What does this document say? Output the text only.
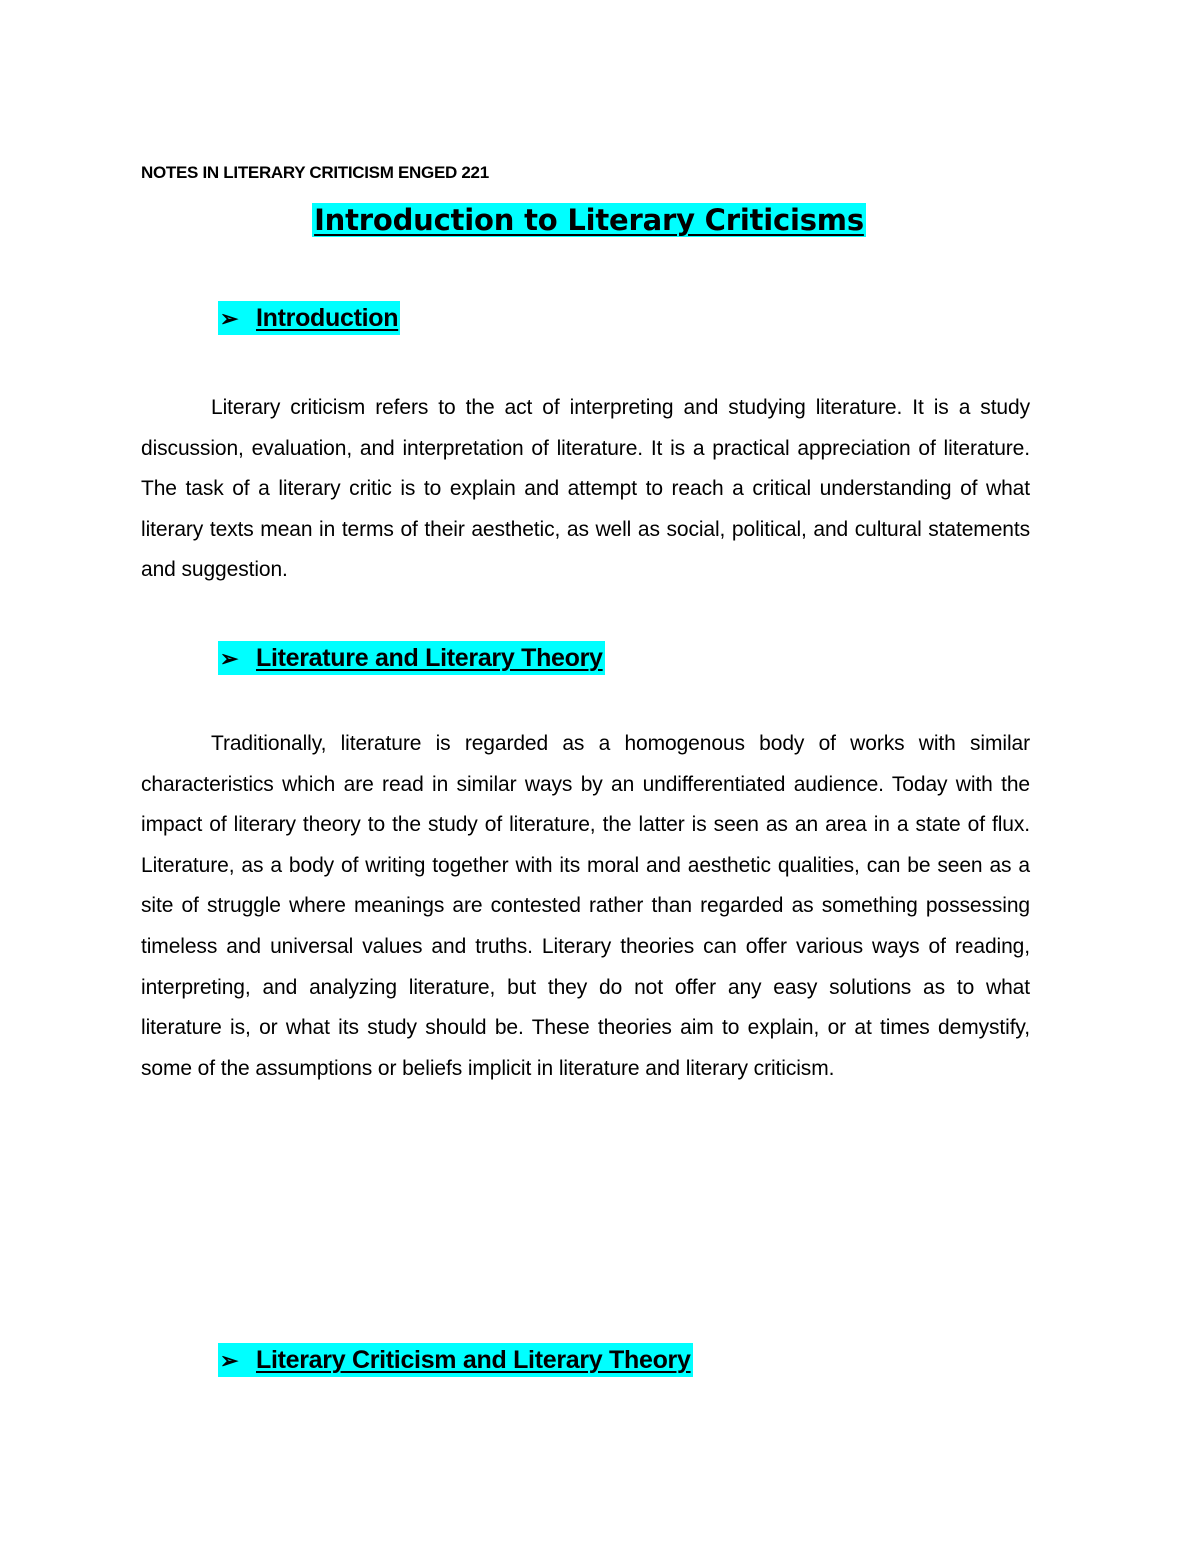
NOTES IN LITERARY CRITICISM ENGED 221
Introduction to Literary Criticisms
➢ Introduction

Literary criticism refers to the act of interpreting and studying literature. It is a study discussion, evaluation, and interpretation of literature. It is a practical appreciation of literature. The task of a literary critic is to explain and attempt to reach a critical understanding of what literary texts mean in terms of their aesthetic, as well as social, political, and cultural statements and suggestion.

➢ Literature and Literary Theory

Traditionally, literature is regarded as a homogenous body of works with similar characteristics which are read in similar ways by an undifferentiated audience. Today with the impact of literary theory to the study of literature, the latter is seen as an area in a state of flux. Literature, as a body of writing together with its moral and aesthetic qualities, can be seen as a site of struggle where meanings are contested rather than regarded as something possessing timeless and universal values and truths. Literary theories can offer various ways of reading, interpreting, and analyzing literature, but they do not offer any easy solutions as to what literature is, or what its study should be. These theories aim to explain, or at times demystify, some of the assumptions or beliefs implicit in literature and literary criticism.

➢ Literary Criticism and Literary Theory
